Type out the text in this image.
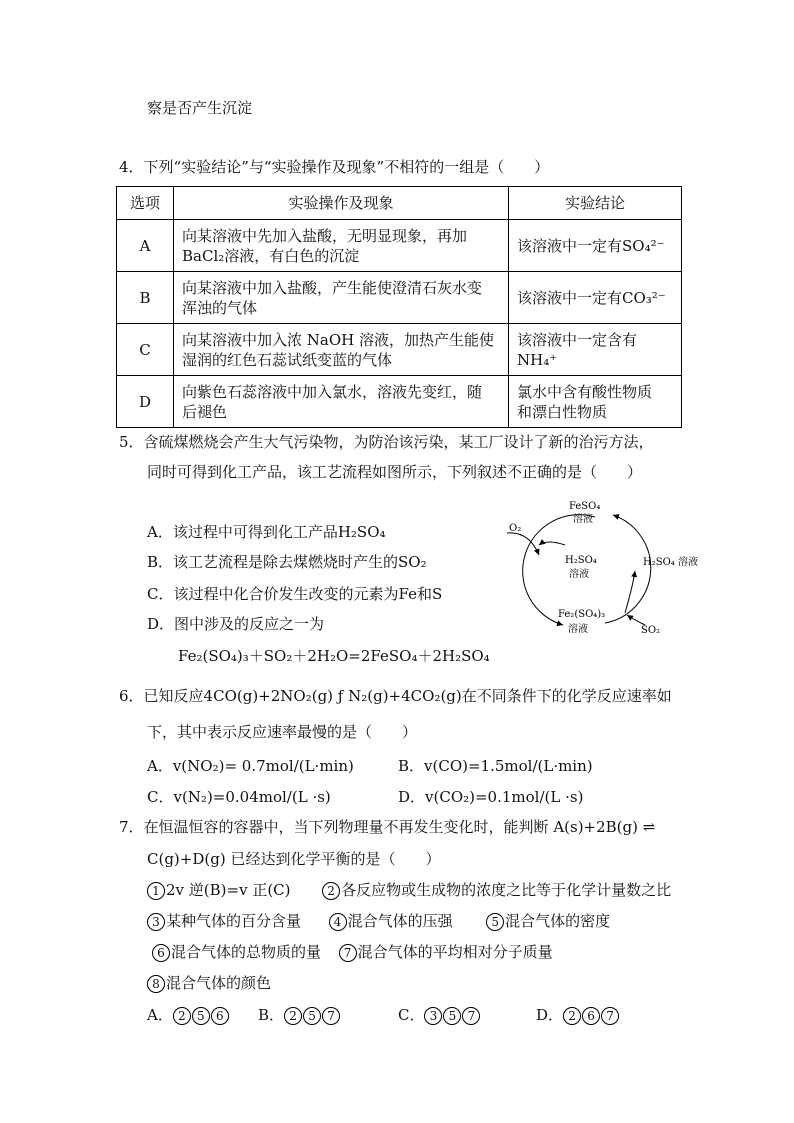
察是否产生沉淀
4．下列“实验结论”与“实验操作及现象”不相符的一组是（　　）
选项	实验操作及现象	实验结论
A	向某溶液中先加入盐酸，无明显现象，再加
BaCl₂溶液，有白色的沉淀	该溶液中一定有SO₄²⁻
B	向某溶液中加入盐酸，产生能使澄清石灰水变
浑浊的气体	该溶液中一定有CO₃²⁻
C	向某溶液中加入浓 NaOH 溶液，加热产生能使
湿润的红色石蕊试纸变蓝的气体	该溶液中一定含有
NH₄⁺
D	向紫色石蕊溶液中加入氯水，溶液先变红，随
后褪色	氯水中含有酸性物质
和漂白性物质
5．含硫煤燃烧会产生大气污染物，为防治该污染，某工厂设计了新的治污方法，
同时可得到化工产品，该工艺流程如图所示，下列叙述不正确的是（　　）
A．该过程中可得到化工产品H₂SO₄
B．该工艺流程是除去煤燃烧时产生的SO₂
C．该过程中化合价发生改变的元素为Fe和S
D．图中涉及的反应之一为
Fe₂(SO₄)₃＋SO₂＋2H₂O=2FeSO₄＋2H₂SO₄
FeSO₄
溶液
O₂
H₂SO₄
溶液
H₂SO₄ 溶液
Fe₂(SO₄)₃
溶液	SO₂
6．已知反应4CO(g)+2NO₂(g) ƒ N₂(g)+4CO₂(g)在不同条件下的化学反应速率如
下，其中表示反应速率最慢的是（　　）
A．v(NO₂)= 0.7mol/(L·min)	B．v(CO)=1.5mol/(L·min)
C．v(N₂)=0.04mol/(L ·s)	D．v(CO₂)=0.1mol/(L ·s)
7．在恒温恒容的容器中，当下列物理量不再发生变化时，能判断 A(s)+2B(g) ⇌
C(g)+D(g) 已经达到化学平衡的是（　　）
1 2v 逆(B)=v 正(C)	2 各反应物或生成物的浓度之比等于化学计量数之比
3 某种气体的百分含量	4 混合气体的压强	5 混合气体的密度
6 混合气体的总物质的量 7 混合气体的平均相对分子质量
8 混合气体的颜色
A． 2 5 6	B． 2 5 7	C． 3 5 7	D． 2 6 7
